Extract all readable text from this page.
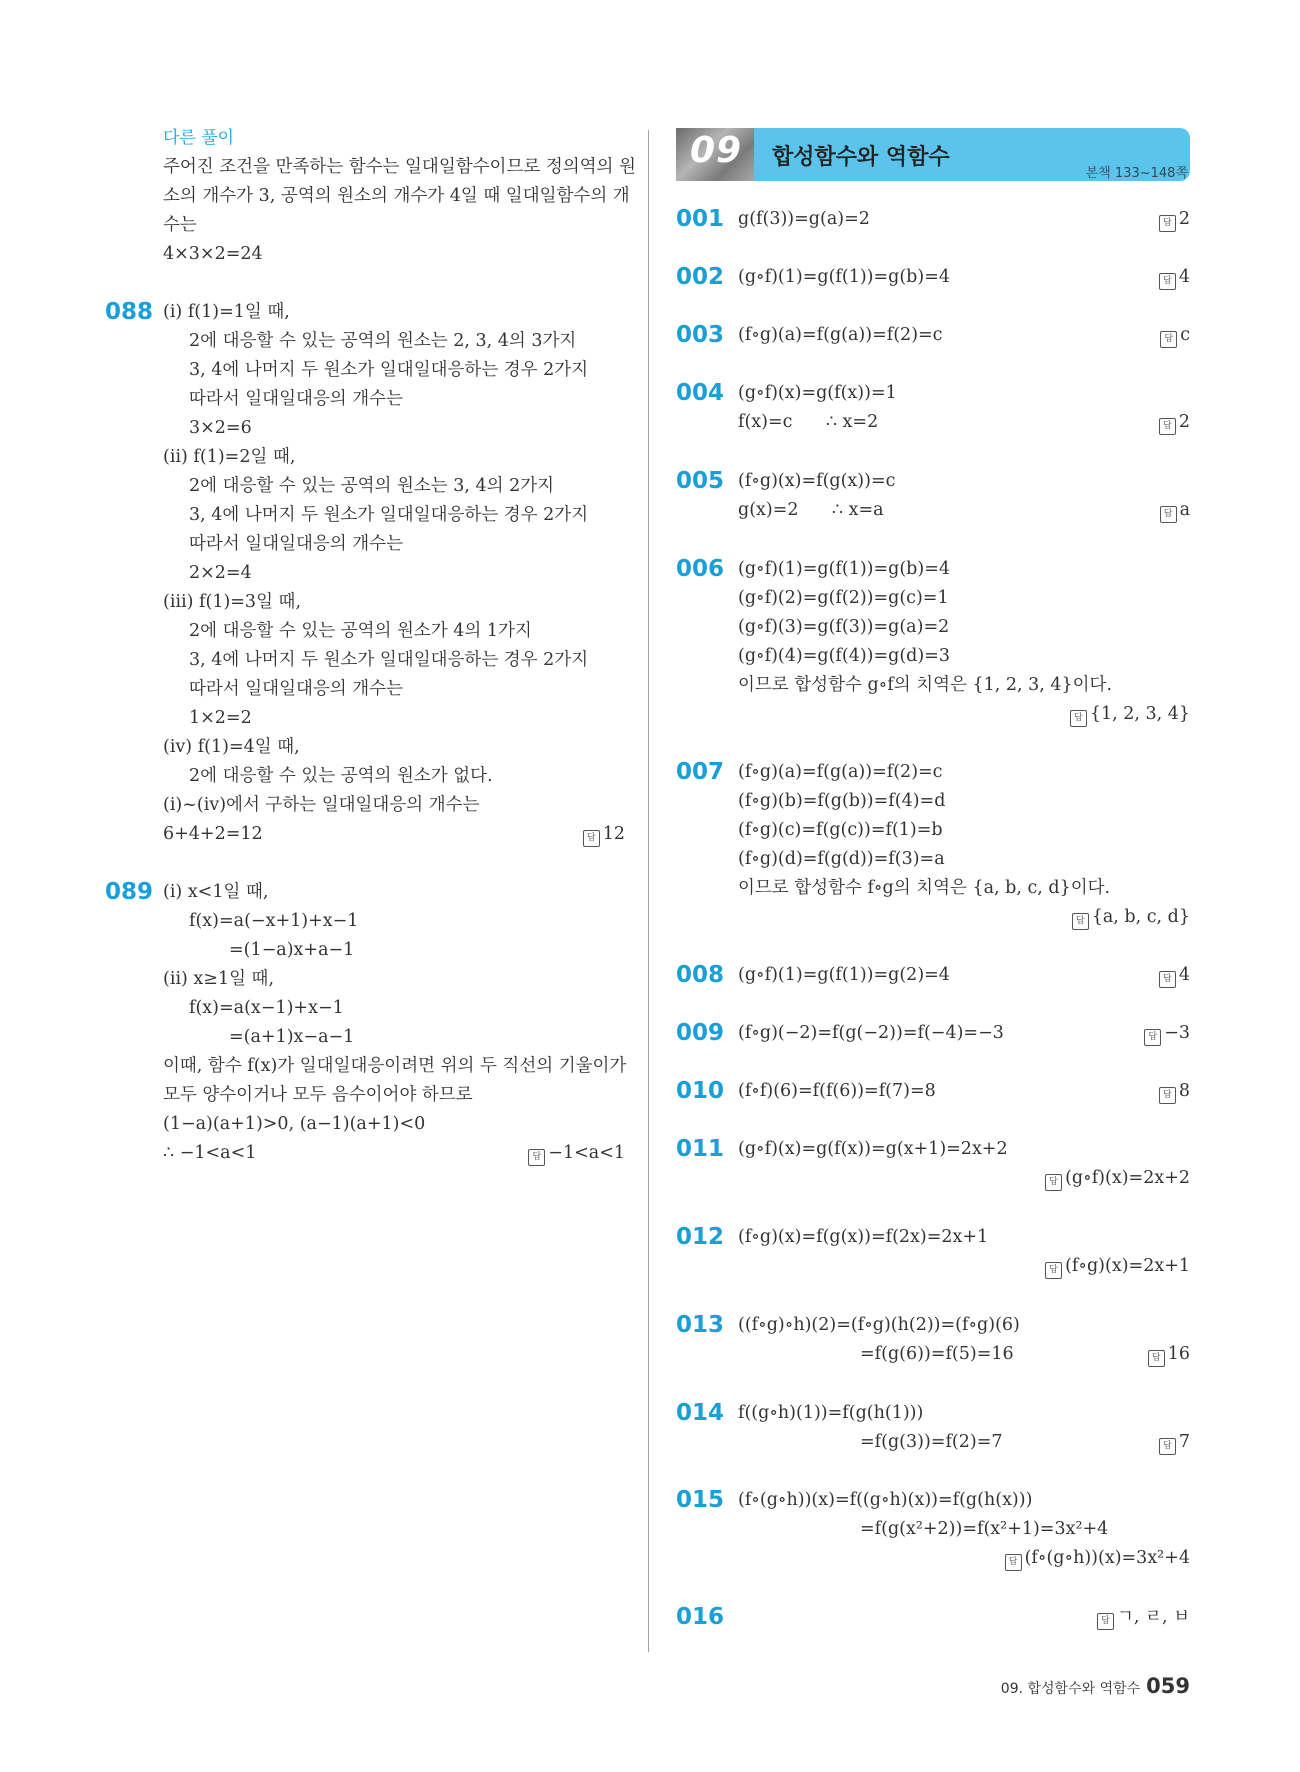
다른 풀이
주어진 조건을 만족하는 함수는 일대일함수이므로 정의역의 원
소의 개수가 3, 공역의 원소의 개수가 4일 때 일대일함수의 개
수는
4×3×2=24
088 (ⅰ) f(1)=1일 때,
2에 대응할 수 있는 공역의 원소는 2, 3, 4의 3가지
3, 4에 나머지 두 원소가 일대일대응하는 경우 2가지
따라서 일대일대응의 개수는
3×2=6
(ⅱ) f(1)=2일 때,
2에 대응할 수 있는 공역의 원소는 3, 4의 2가지
3, 4에 나머지 두 원소가 일대일대응하는 경우 2가지
따라서 일대일대응의 개수는
2×2=4
(ⅲ) f(1)=3일 때,
2에 대응할 수 있는 공역의 원소가 4의 1가지
3, 4에 나머지 두 원소가 일대일대응하는 경우 2가지
따라서 일대일대응의 개수는
1×2=2
(ⅳ) f(1)=4일 때,
2에 대응할 수 있는 공역의 원소가 없다.
(ⅰ)~(ⅳ)에서 구하는 일대일대응의 개수는
6+4+2=12	답 12
089 (ⅰ) x<1일 때,
f(x)=a(−x+1)+x−1
=(1−a)x+a−1
(ⅱ) x≥1일 때,
f(x)=a(x−1)+x−1
=(a+1)x−a−1
이때, 함수 f(x)가 일대일대응이려면 위의 두 직선의 기울이가
모두 양수이거나 모두 음수이어야 하므로
(1−a)(a+1)>0, (a−1)(a+1)<0
∴ −1<a<1	답 −1<a<1
09 합성함수와 역함수
본책 133~148쪽
001 g(f(3))=g(a)=2	답 2
002 (g∘f)(1)=g(f(1))=g(b)=4	답 4
003 (f∘g)(a)=f(g(a))=f(2)=c	답 c
004 (g∘f)(x)=g(f(x))=1
f(x)=c      ∴ x=2	답 2
005 (f∘g)(x)=f(g(x))=c
g(x)=2      ∴ x=a	답 a
006 (g∘f)(1)=g(f(1))=g(b)=4
(g∘f)(2)=g(f(2))=g(c)=1
(g∘f)(3)=g(f(3))=g(a)=2
(g∘f)(4)=g(f(4))=g(d)=3
이므로 합성함수 g∘f의 치역은 {1, 2, 3, 4}이다.
답 {1, 2, 3, 4}
007 (f∘g)(a)=f(g(a))=f(2)=c
(f∘g)(b)=f(g(b))=f(4)=d
(f∘g)(c)=f(g(c))=f(1)=b
(f∘g)(d)=f(g(d))=f(3)=a
이므로 합성함수 f∘g의 치역은 {a, b, c, d}이다.
답 {a, b, c, d}
008 (g∘f)(1)=g(f(1))=g(2)=4	답 4
009 (f∘g)(−2)=f(g(−2))=f(−4)=−3	답 −3
010 (f∘f)(6)=f(f(6))=f(7)=8	답 8
011 (g∘f)(x)=g(f(x))=g(x+1)=2x+2
답 (g∘f)(x)=2x+2
012 (f∘g)(x)=f(g(x))=f(2x)=2x+1
답 (f∘g)(x)=2x+1
013 ((f∘g)∘h)(2)=(f∘g)(h(2))=(f∘g)(6)
=f(g(6))=f(5)=16	답 16
014 f((g∘h)(1))=f(g(h(1)))
=f(g(3))=f(2)=7	답 7
015 (f∘(g∘h))(x)=f((g∘h)(x))=f(g(h(x)))
=f(g(x²+2))=f(x²+1)=3x²+4
답 (f∘(g∘h))(x)=3x²+4
016	답 ㄱ, ㄹ, ㅂ
09. 합성함수와 역함수 059
